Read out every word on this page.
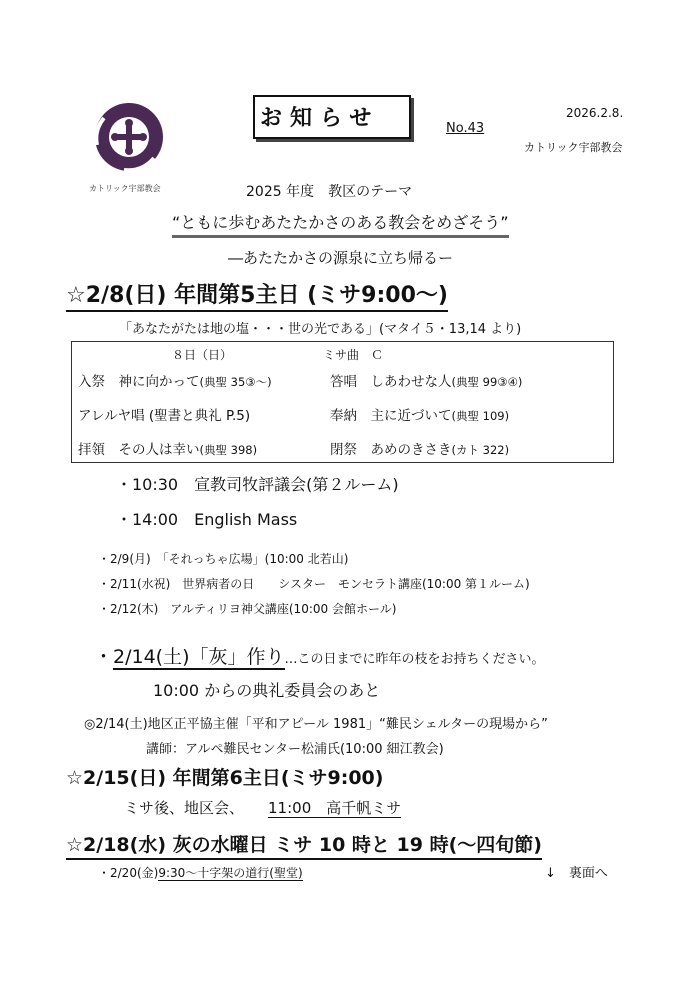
カトリック宇部教会
お知らせ	2026.2.8.
No.43
カトリック宇部教会
2025 年度　教区のテーマ
“ともに歩むあたたかさのある教会をめざそう”
―あたたかさの源泉に立ち帰るー
☆2/8(日) 年間第5主日 (ミサ9:00～)
「あなたがたは地の塩・・・世の光である」(マタイ５・13,14 より)
８日（日）	ミサ曲　Ｃ
入祭　神に向かって(典聖 35③～)	答唱　しあわせな人(典聖 99③④)
アレルヤ唱 (聖書と典礼 P.5)	奉納　主に近づいて(典聖 109)
拝領　その人は幸い(典聖 398)	閉祭　あめのきさき(カト 322)
・10:30　宣教司牧評議会(第２ルーム)
・14:00　English Mass
・2/9(月)　「それっちゃ広場」(10:00 北若山)
・2/11(水祝)　世界病者の日　　シスター　モンセラト講座(10:00 第１ルーム)
・2/12(木)　アルティリヨ神父講座(10:00 会館ホール)
・2/14(土)「灰」作り…この日までに昨年の枝をお持ちください。
10:00 からの典礼委員会のあと
◎2/14(土)地区正平協主催「平和アピール 1981」“難民シェルターの現場から”
講師：アルペ難民センター松浦氏(10:00 細江教会)
☆2/15(日) 年間第6主日(ミサ9:00)
ミサ後、地区会、 11:00　高千帆ミサ
☆2/18(水) 灰の水曜日 ミサ 10 時と 19 時(～四旬節)
・2/20(金)9:30～十字架の道行(聖堂)	↓　裏面へ
